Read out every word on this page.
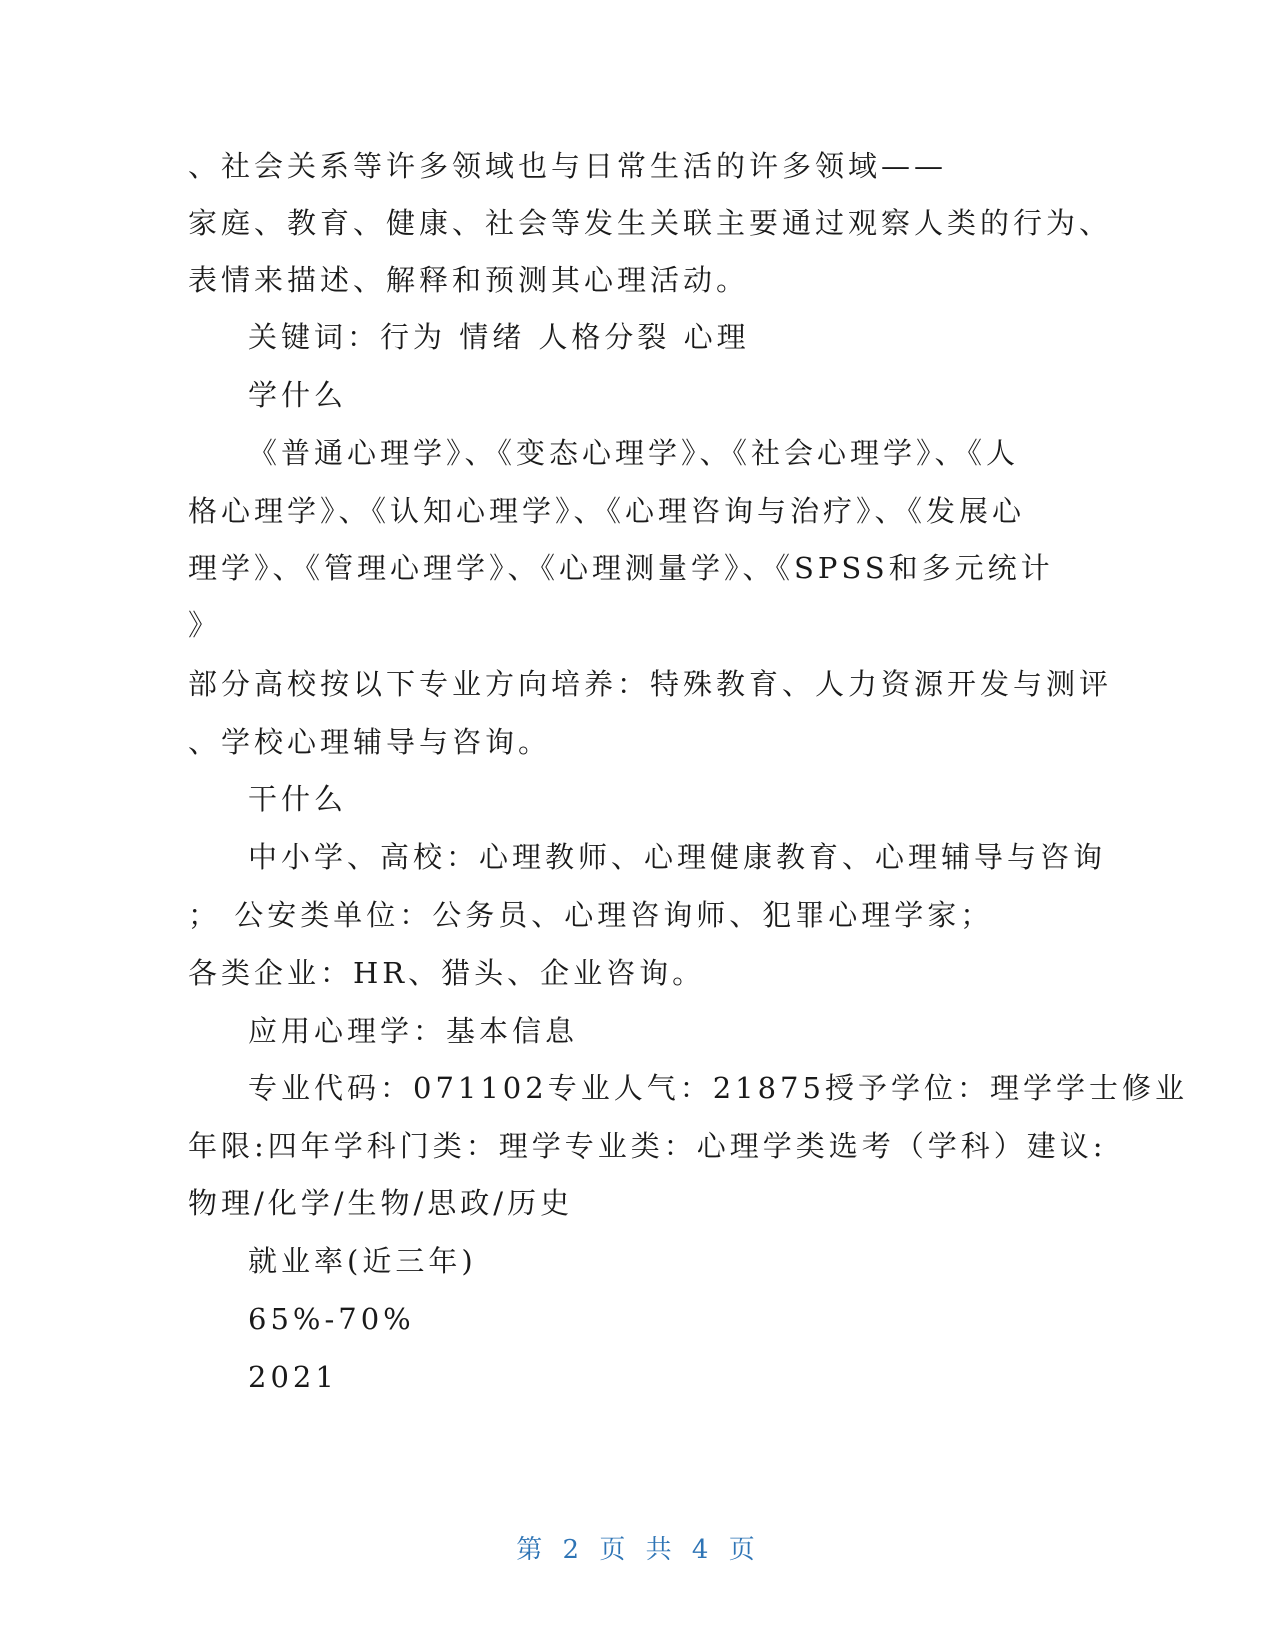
、社会关系等许多领域也与日常生活的许多领域——
家庭、教育、健康、社会等发生关联主要通过观察人类的行为、
表情来描述、解释和预测其心理活动。
关键词：行为 情绪 人格分裂 心理
学什么
《普通心理学》、《变态心理学》、《社会心理学》、《人
格心理学》、《认知心理学》、《心理咨询与治疗》、《发展心
理学》、《管理心理学》、《心理测量学》、《SPSS和多元统计
》
部分高校按以下专业方向培养：特殊教育、人力资源开发与测评
、学校心理辅导与咨询。
干什么
中小学、高校：心理教师、心理健康教育、心理辅导与咨询
； 公安类单位：公务员、心理咨询师、犯罪心理学家；
各类企业：HR、猎头、企业咨询。
应用心理学：基本信息
专业代码：071102专业人气：21875授予学位：理学学士修业
年限:四年学科门类：理学专业类：心理学类选考（学科）建议:
物理/化学/生物/思政/历史
就业率(近三年)
65%-70%
2021
第 2 页 共 4 页
